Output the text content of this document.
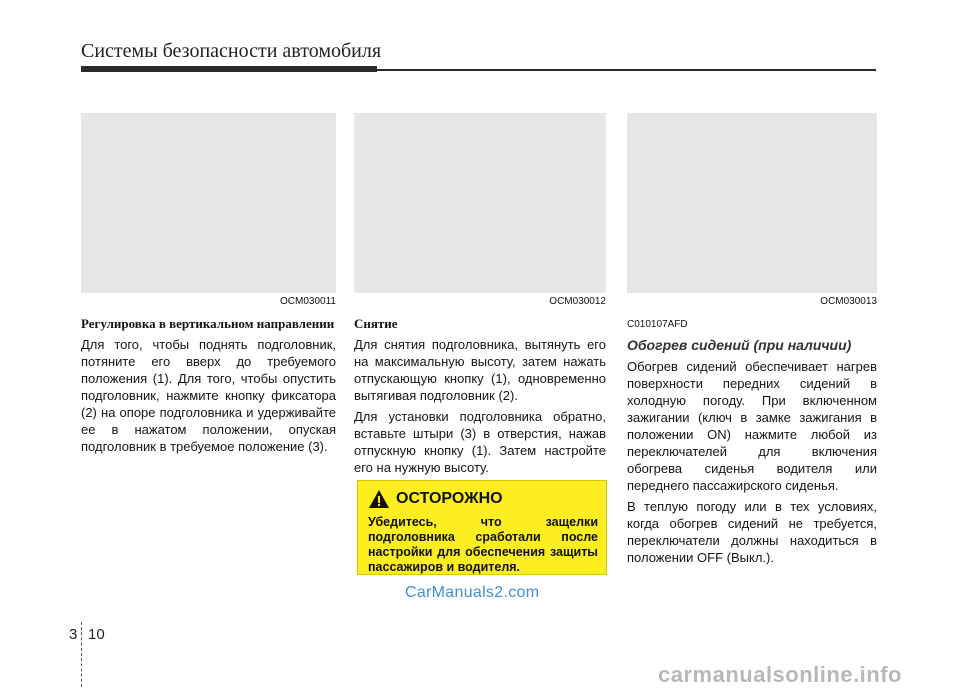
Системы безопасности автомобиля
OCM030011	OCM030012	OCM030013

Регулировка в вертикальном направлении

Для того, чтобы поднять подголовник, потяните его вверх до требуемого положения (1). Для того, чтобы опустить подголовник, нажмите кнопку фиксатора (2) на опоре подголовника и удерживайте ее в нажатом положении, опуская подголовник в требуемое положение (3).

Снятие

Для снятия подголовника, вытянуть его на максимальную высоту, затем нажать отпускающую кнопку (1), одновременно вытягивая подголовник (2).

Для установки подголовника обратно, вставьте штыри (3) в отверстия, нажав отпускную кнопку (1). Затем настройте его на нужную высоту.

ОСТОРОЖНО
Убедитесь, что защелки подголовника сработали после настройки для обеспечения защиты пассажиров и водителя.

C010107AFD

Обогрев сидений (при наличии)

Обогрев сидений обеспечивает нагрев поверхности передних сидений в холодную погоду. При включенном зажигании (ключ в замке зажигания в положении ON) нажмите любой из переключателей для включения обогрева сиденья водителя или переднего пассажирского сиденья.

В теплую погоду или в тех условиях, когда обогрев сидений не требуется, переключатели должны находиться в положении OFF (Выкл.).

CarManuals2.com
3 10
carmanualsonline.info
